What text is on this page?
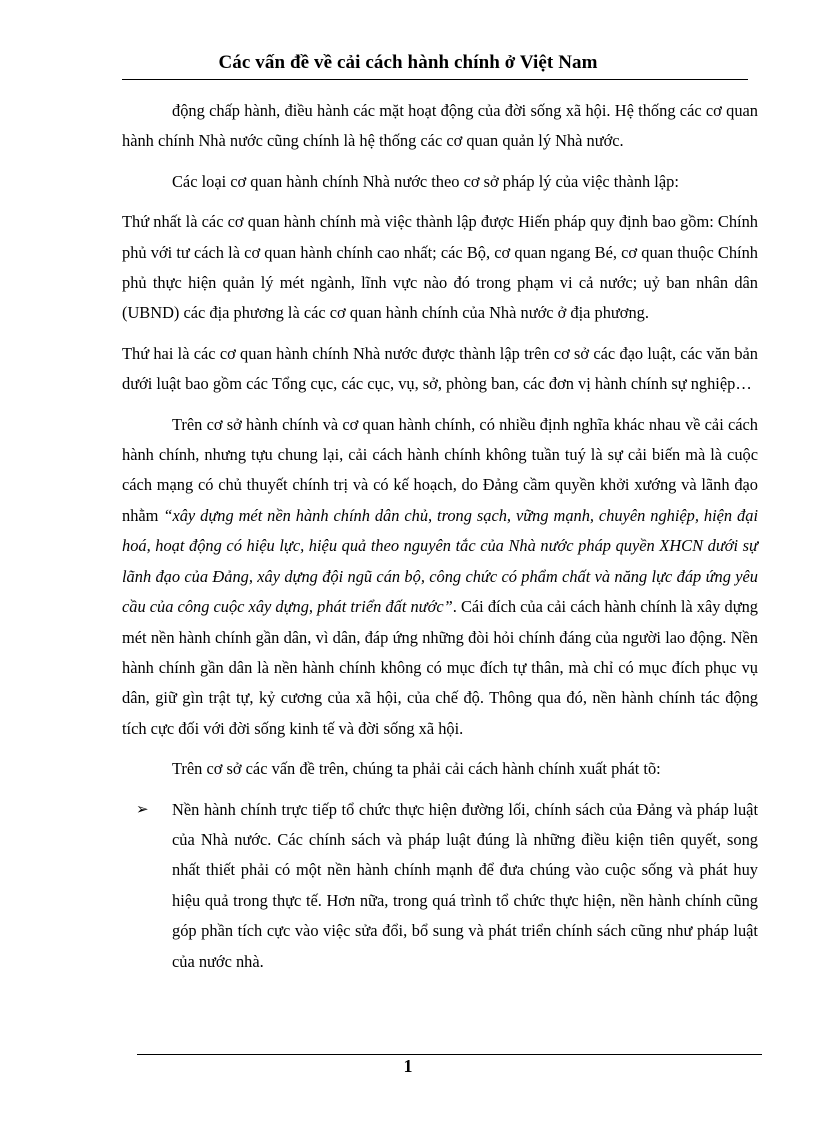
Các vấn đề về cải cách hành chính ở Việt Nam

động chấp hành, điều hành các mặt hoạt động của đời sống xã hội. Hệ thống các cơ quan hành chính Nhà nước cũng chính là hệ thống các cơ quan quản lý Nhà nước.

Các loại cơ quan hành chính Nhà nước theo cơ sở pháp lý của việc thành lập:

Thứ nhất là các cơ quan hành chính mà việc thành lập được Hiến pháp quy định bao gồm: Chính phủ với tư cách là cơ quan hành chính cao nhất; các Bộ, cơ quan ngang Bé, cơ quan thuộc Chính phủ thực hiện quản lý mét ngành, lĩnh vực nào đó trong phạm vi cả nước; uỷ ban nhân dân (UBND) các địa phương là các cơ quan hành chính của Nhà nước ở địa phương.

Thứ hai là các cơ quan hành chính Nhà nước được thành lập trên cơ sở các đạo luật, các văn bản dưới luật bao gồm các Tổng cục, các cục, vụ, sở, phòng ban, các đơn vị hành chính sự nghiệp…

Trên cơ sở hành chính và cơ quan hành chính, có nhiều định nghĩa khác nhau về cải cách hành chính, nhưng tựu chung lại, cải cách hành chính không tuần tuý là sự cải biến mà là cuộc cách mạng có chủ thuyết chính trị và có kế hoạch, do Đảng cầm quyền khởi xướng và lãnh đạo nhằm “xây dựng mét nền hành chính dân chủ, trong sạch, vững mạnh, chuyên nghiệp, hiện đại hoá, hoạt động có hiệu lực, hiệu quả theo nguyên tắc của Nhà nước pháp quyền XHCN dưới sự lãnh đạo của Đảng, xây dựng đội ngũ cán bộ, công chức có phẩm chất và năng lực đáp ứng yêu cầu của công cuộc xây dựng, phát triển đất nước”. Cái đích của cải cách hành chính là xây dựng mét nền hành chính gần dân, vì dân, đáp ứng những đòi hỏi chính đáng của người lao động. Nền hành chính gần dân là nền hành chính không có mục đích tự thân, mà chỉ có mục đích phục vụ dân, giữ gìn trật tự, kỷ cương của xã hội, của chế độ. Thông qua đó, nền hành chính tác động tích cực đối với đời sống kinh tế và đời sống xã hội.

Trên cơ sở các vấn đề trên, chúng ta phải cải cách hành chính xuất phát tõ:

➢ Nền hành chính trực tiếp tổ chức thực hiện đường lối, chính sách của Đảng và pháp luật của Nhà nước. Các chính sách và pháp luật đúng là những điều kiện tiên quyết, song nhất thiết phải có một nền hành chính mạnh để đưa chúng vào cuộc sống và phát huy hiệu quả trong thực tế. Hơn nữa, trong quá trình tổ chức thực hiện, nền hành chính cũng góp phần tích cực vào việc sửa đổi, bổ sung và phát triển chính sách cũng như pháp luật của nước nhà.
1
